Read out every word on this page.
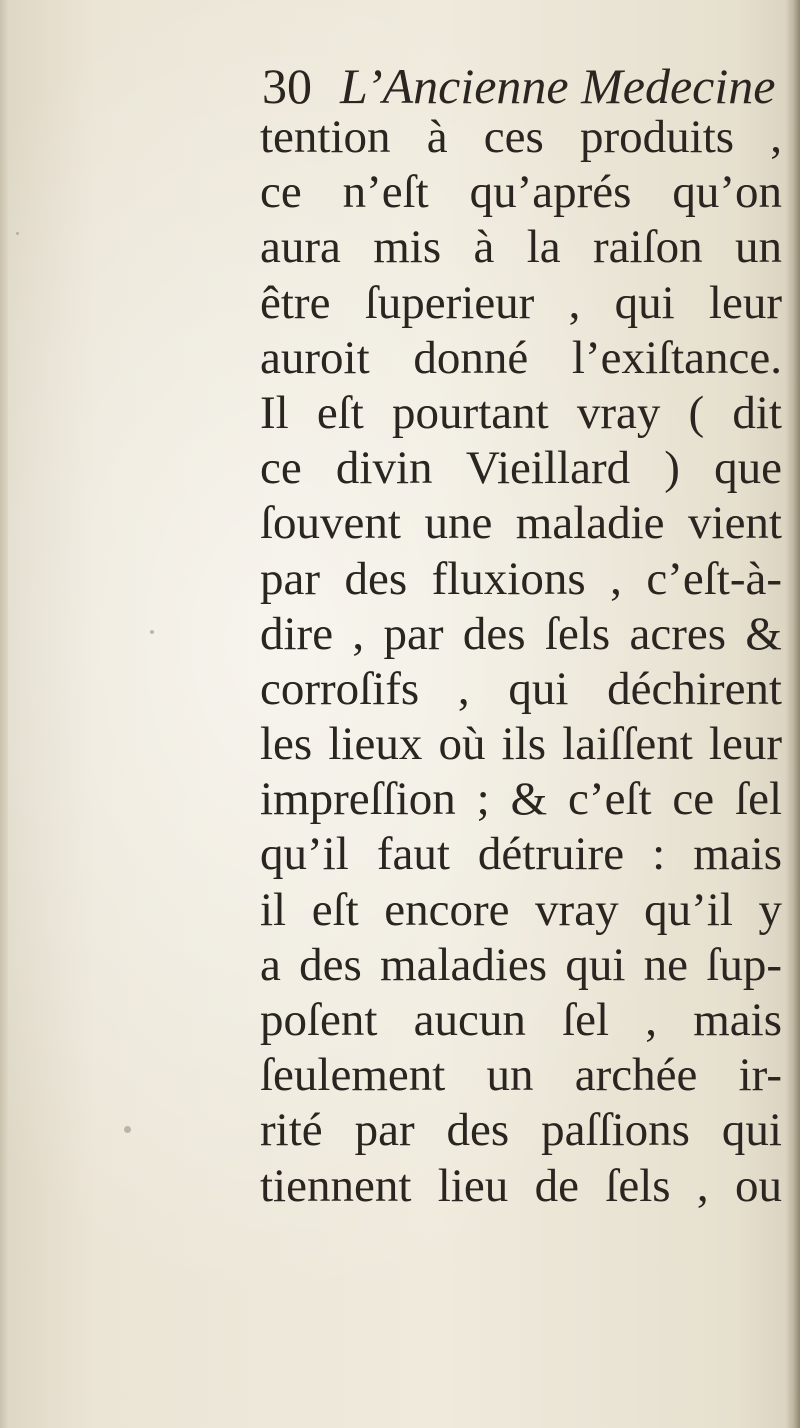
30 L’Ancienne Medecine
tention à ces produits ,
ce n’eſt qu’aprés qu’on
aura mis à la raiſon un
être ſuperieur , qui leur
auroit donné l’exiſtance.
Il eſt pourtant vray ( dit
ce divin Vieillard ) que
ſouvent une maladie vient
par des fluxions , c’eſt-à-
dire , par des ſels acres &
corroſifs , qui déchirent
les lieux où ils laiſſent leur
impreſſion ; & c’eſt ce ſel
qu’il faut détruire : mais
il eſt encore vray qu’il y
a des maladies qui ne ſup-
poſent aucun ſel , mais
ſeulement un archée ir-
rité par des paſſions qui
tiennent lieu de ſels , ou
